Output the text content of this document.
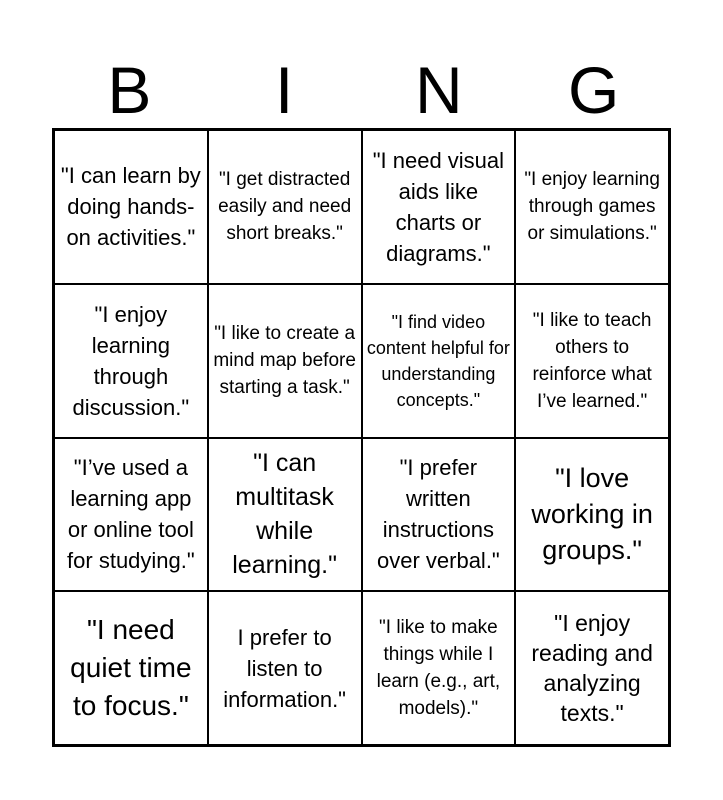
B	I	N	G
"I can learn by doing hands-on activities."
"I get distracted easily and need short breaks."
"I need visual aids like charts or diagrams."
"I enjoy learning through games or simulations."
"I enjoy learning through discussion."
"I like to create a mind map before starting a task."
"I find video content helpful for understanding concepts."
"I like to teach others to reinforce what I’ve learned."
"I’ve used a learning app or online tool for studying."
"I can multitask while learning."
"I prefer written instructions over verbal."
"I love working in groups."
"I need quiet time to focus."
I prefer to listen to information."
"I like to make things while I learn (e.g., art, models)."
"I enjoy reading and analyzing texts."
